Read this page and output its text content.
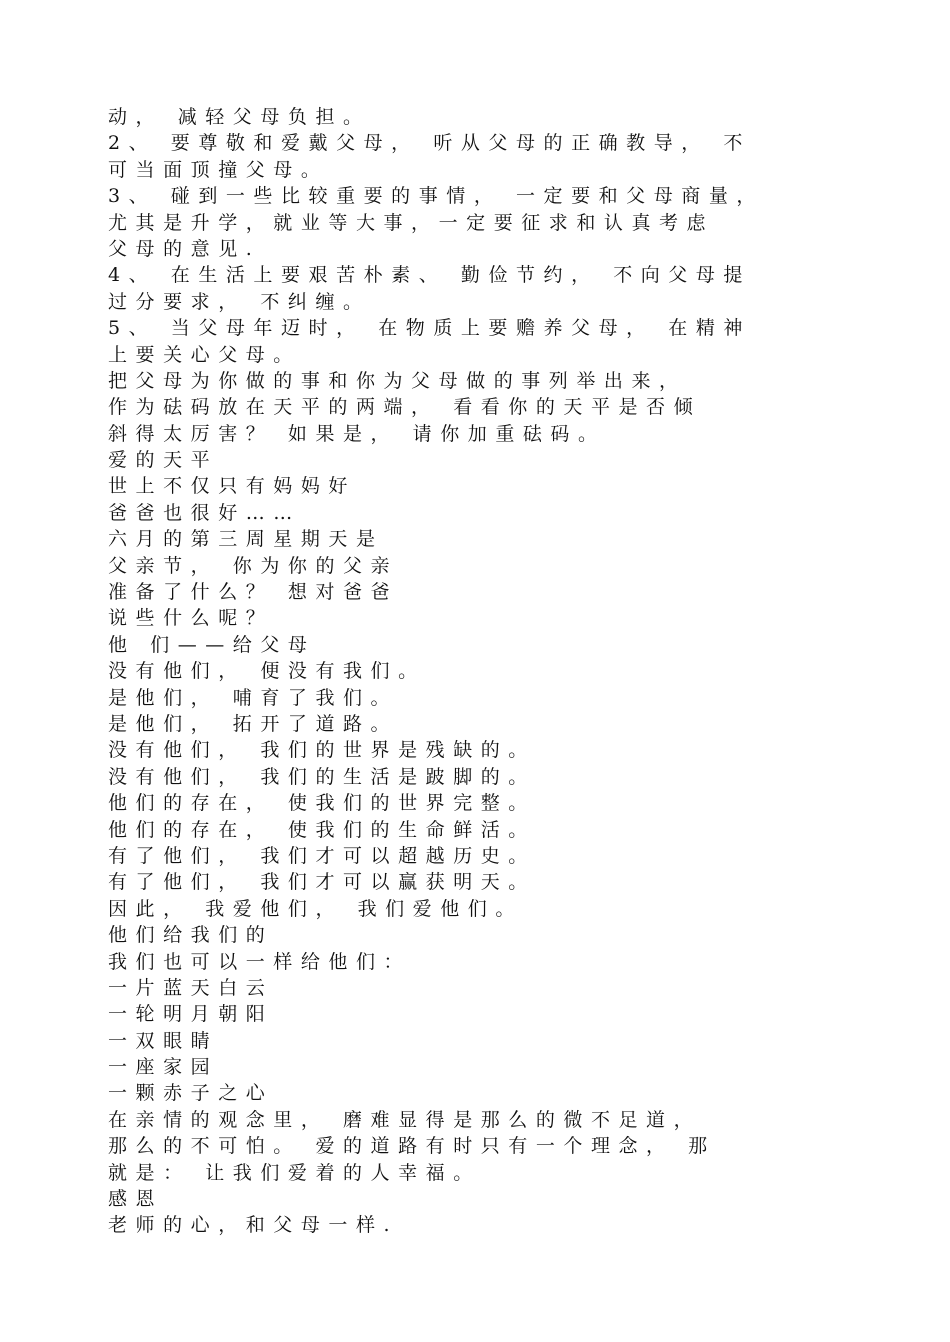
动， 减轻父母负担。
2、 要尊敬和爱戴父母， 听从父母的正确教导， 不
可当面顶撞父母。
3、 碰到一些比较重要的事情， 一定要和父母商量，
尤其是升学，就业等大事，一定要征求和认真考虑
父母的意见.
4、 在生活上要艰苦朴素、 勤俭节约， 不向父母提
过分要求， 不纠缠。
5、 当父母年迈时， 在物质上要赡养父母， 在精神
上要关心父母。
把父母为你做的事和你为父母做的事列举出来，
作为砝码放在天平的两端， 看看你的天平是否倾
斜得太厉害？ 如果是， 请你加重砝码。
爱的天平
世上不仅只有妈妈好
爸爸也很好……
六月的第三周星期天是
父亲节， 你为你的父亲
准备了什么？ 想对爸爸
说些什么呢？
他 们——给父母
没有他们， 便没有我们。
是他们， 哺育了我们。
是他们， 拓开了道路。
没有他们， 我们的世界是残缺的。
没有他们， 我们的生活是跛脚的。
他们的存在， 使我们的世界完整。
他们的存在， 使我们的生命鲜活。
有了他们， 我们才可以超越历史。
有了他们， 我们才可以赢获明天。
因此， 我爱他们， 我们爱他们。
他们给我们的
我们也可以一样给他们：
一片蓝天白云
一轮明月朝阳
一双眼睛
一座家园
一颗赤子之心
在亲情的观念里， 磨难显得是那么的微不足道，
那么的不可怕。 爱的道路有时只有一个理念， 那
就是： 让我们爱着的人幸福。
感恩
老师的心，和父母一样.
